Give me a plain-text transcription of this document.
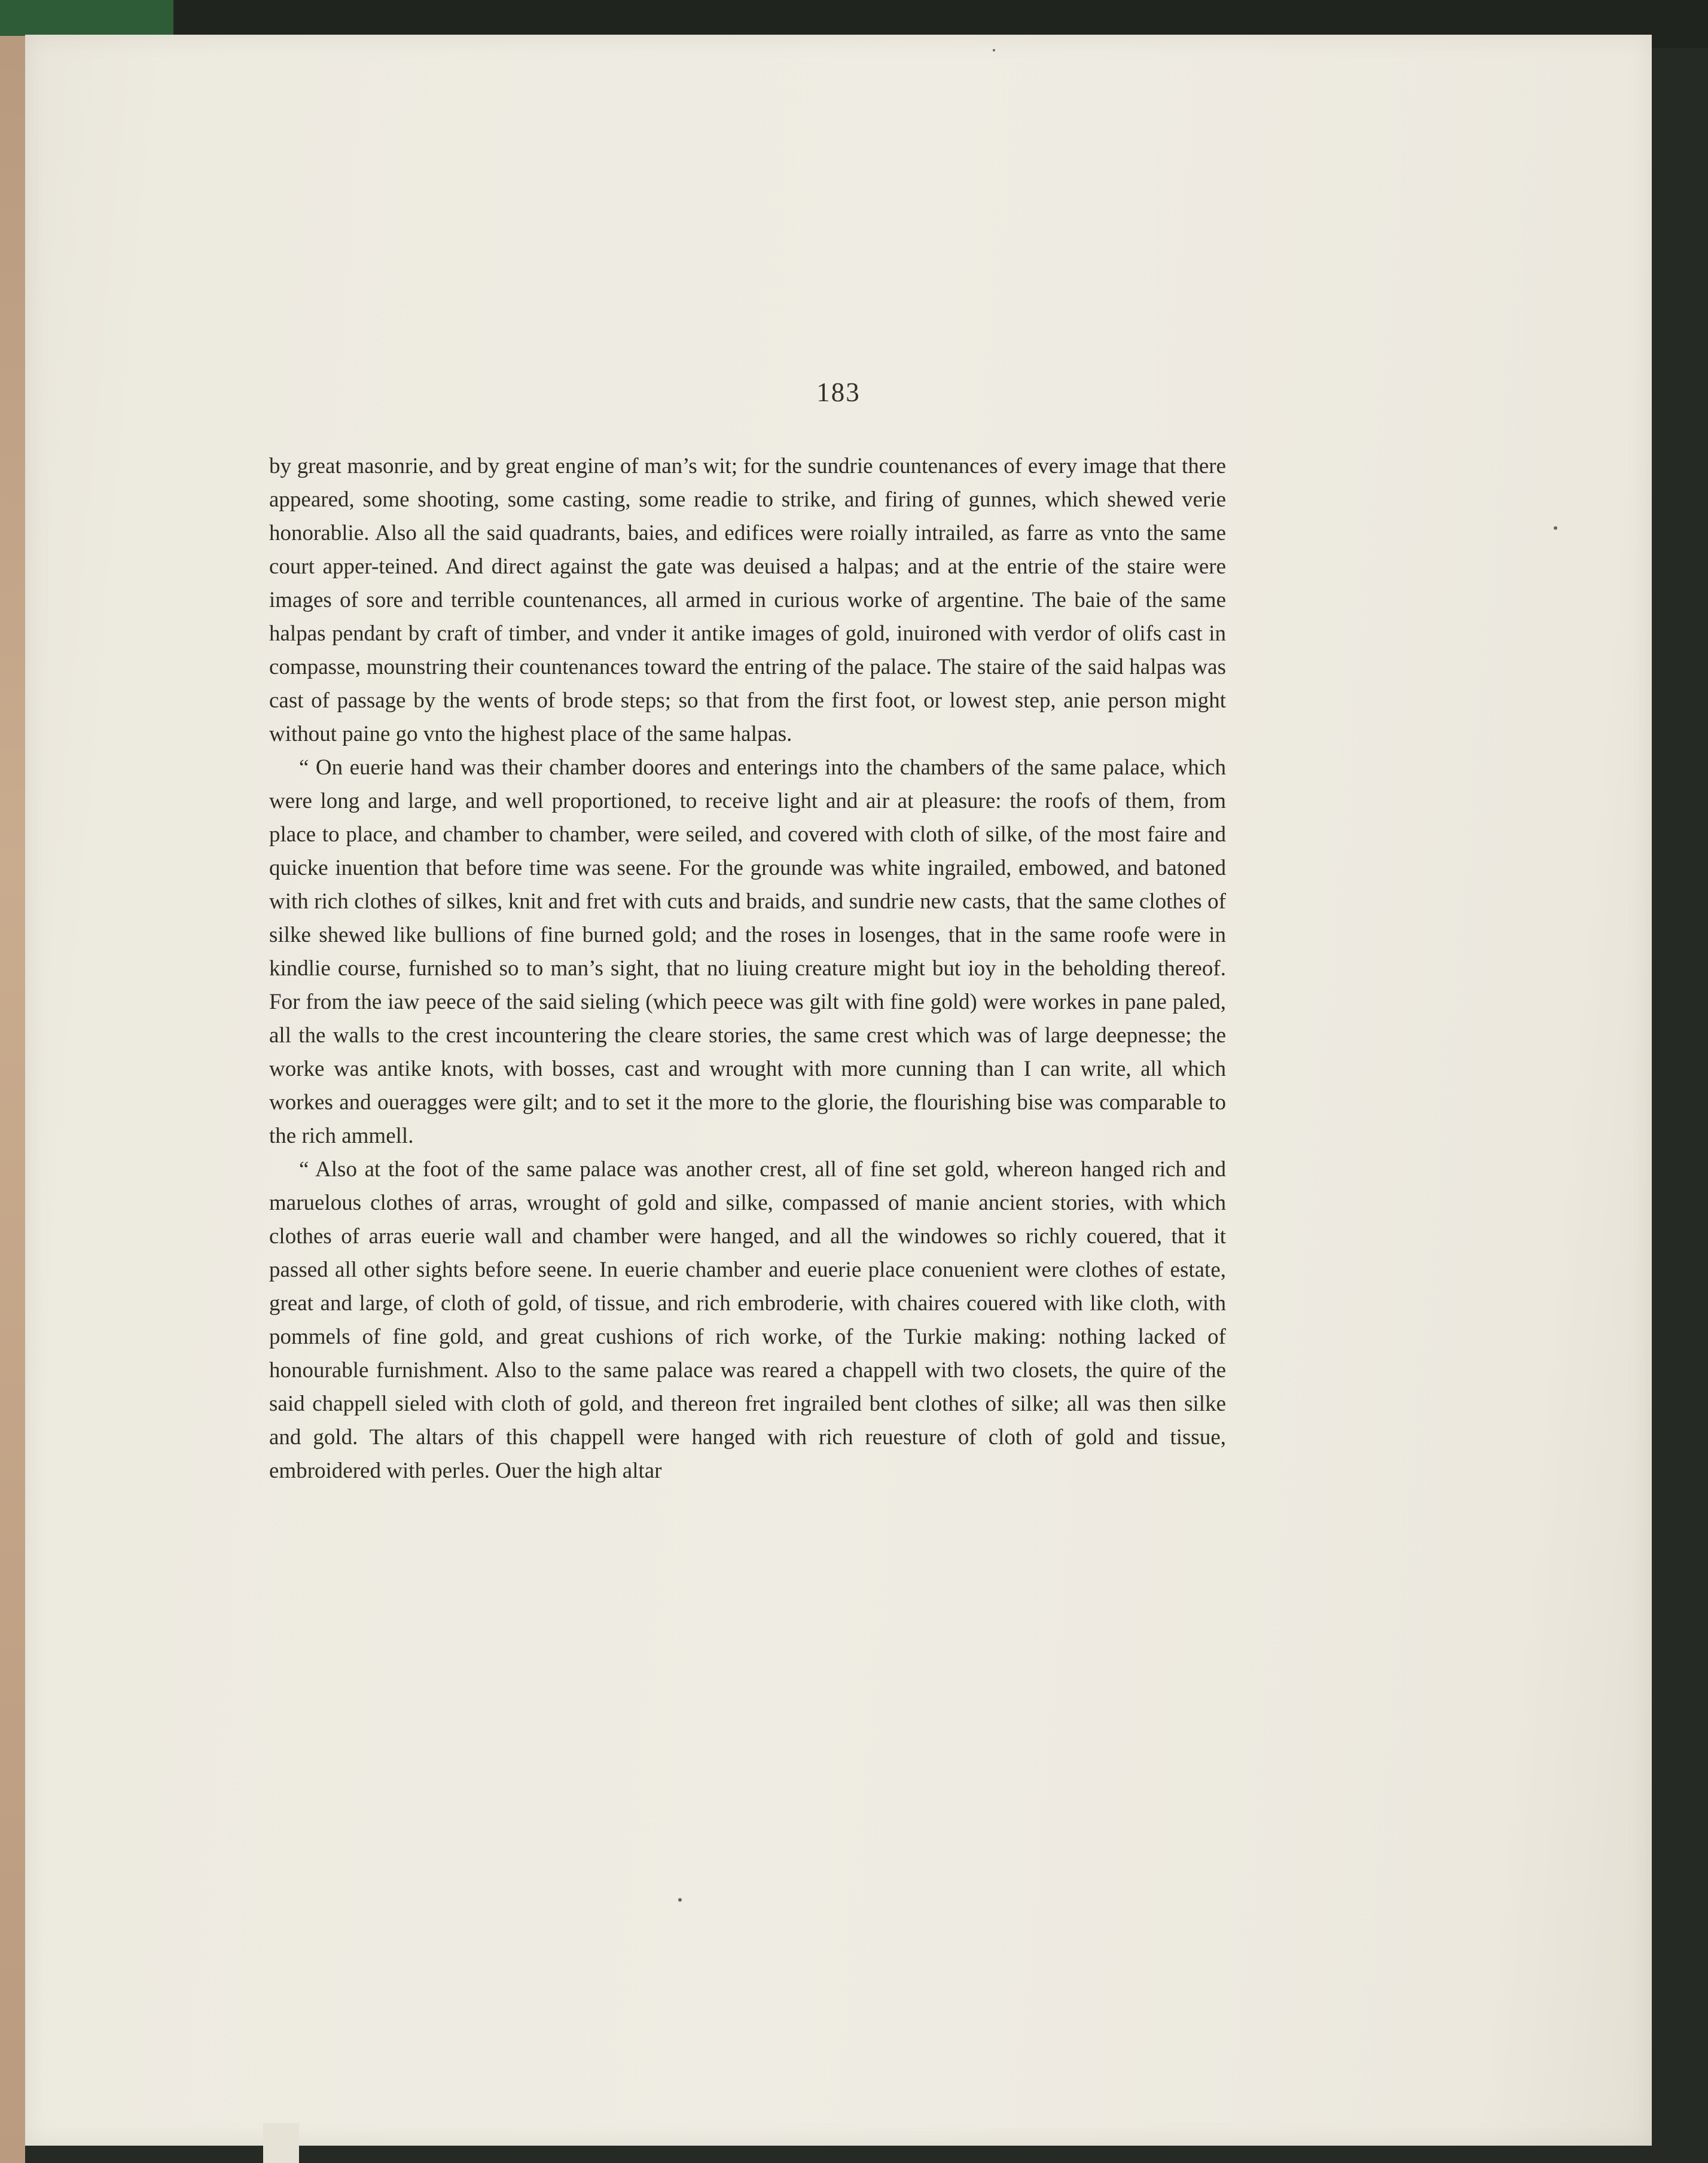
183

by great masonrie, and by great engine of man’s wit; for the sundrie countenances of every image that there appeared, some shooting, some casting, some readie to strike, and firing of gunnes, which shewed verie honorablie. Also all the said quadrants, baies, and edifices were roially intrailed, as farre as vnto the same court apper-teined. And direct against the gate was deuised a halpas; and at the entrie of the staire were images of sore and terrible countenances, all armed in curious worke of argentine. The baie of the same halpas pendant by craft of timber, and vnder it antike images of gold, inuironed with verdor of olifs cast in compasse, mounstring their countenances toward the entring of the palace. The staire of the said halpas was cast of passage by the wents of brode steps; so that from the first foot, or lowest step, anie person might without paine go vnto the highest place of the same halpas.

“ On euerie hand was their chamber doores and enterings into the chambers of the same palace, which were long and large, and well proportioned, to receive light and air at pleasure: the roofs of them, from place to place, and chamber to chamber, were seiled, and covered with cloth of silke, of the most faire and quicke inuention that before time was seene. For the grounde was white ingrailed, embowed, and batoned with rich clothes of silkes, knit and fret with cuts and braids, and sundrie new casts, that the same clothes of silke shewed like bullions of fine burned gold; and the roses in losenges, that in the same roofe were in kindlie course, furnished so to man’s sight, that no liuing creature might but ioy in the beholding thereof. For from the iaw peece of the said sieling (which peece was gilt with fine gold) were workes in pane paled, all the walls to the crest incountering the cleare stories, the same crest which was of large deepnesse; the worke was antike knots, with bosses, cast and wrought with more cunning than I can write, all which workes and oueragges were gilt; and to set it the more to the glorie, the flourishing bise was comparable to the rich ammell.

“ Also at the foot of the same palace was another crest, all of fine set gold, whereon hanged rich and maruelous clothes of arras, wrought of gold and silke, compassed of manie ancient stories, with which clothes of arras euerie wall and chamber were hanged, and all the windowes so richly couered, that it passed all other sights before seene. In euerie chamber and euerie place conuenient were clothes of estate, great and large, of cloth of gold, of tissue, and rich embroderie, with chaires couered with like cloth, with pommels of fine gold, and great cushions of rich worke, of the Turkie making: nothing lacked of honourable furnishment. Also to the same palace was reared a chappell with two closets, the quire of the said chappell sieled with cloth of gold, and thereon fret ingrailed bent clothes of silke; all was then silke and gold. The altars of this chappell were hanged with rich reuesture of cloth of gold and tissue, embroidered with perles. Ouer the high altar
